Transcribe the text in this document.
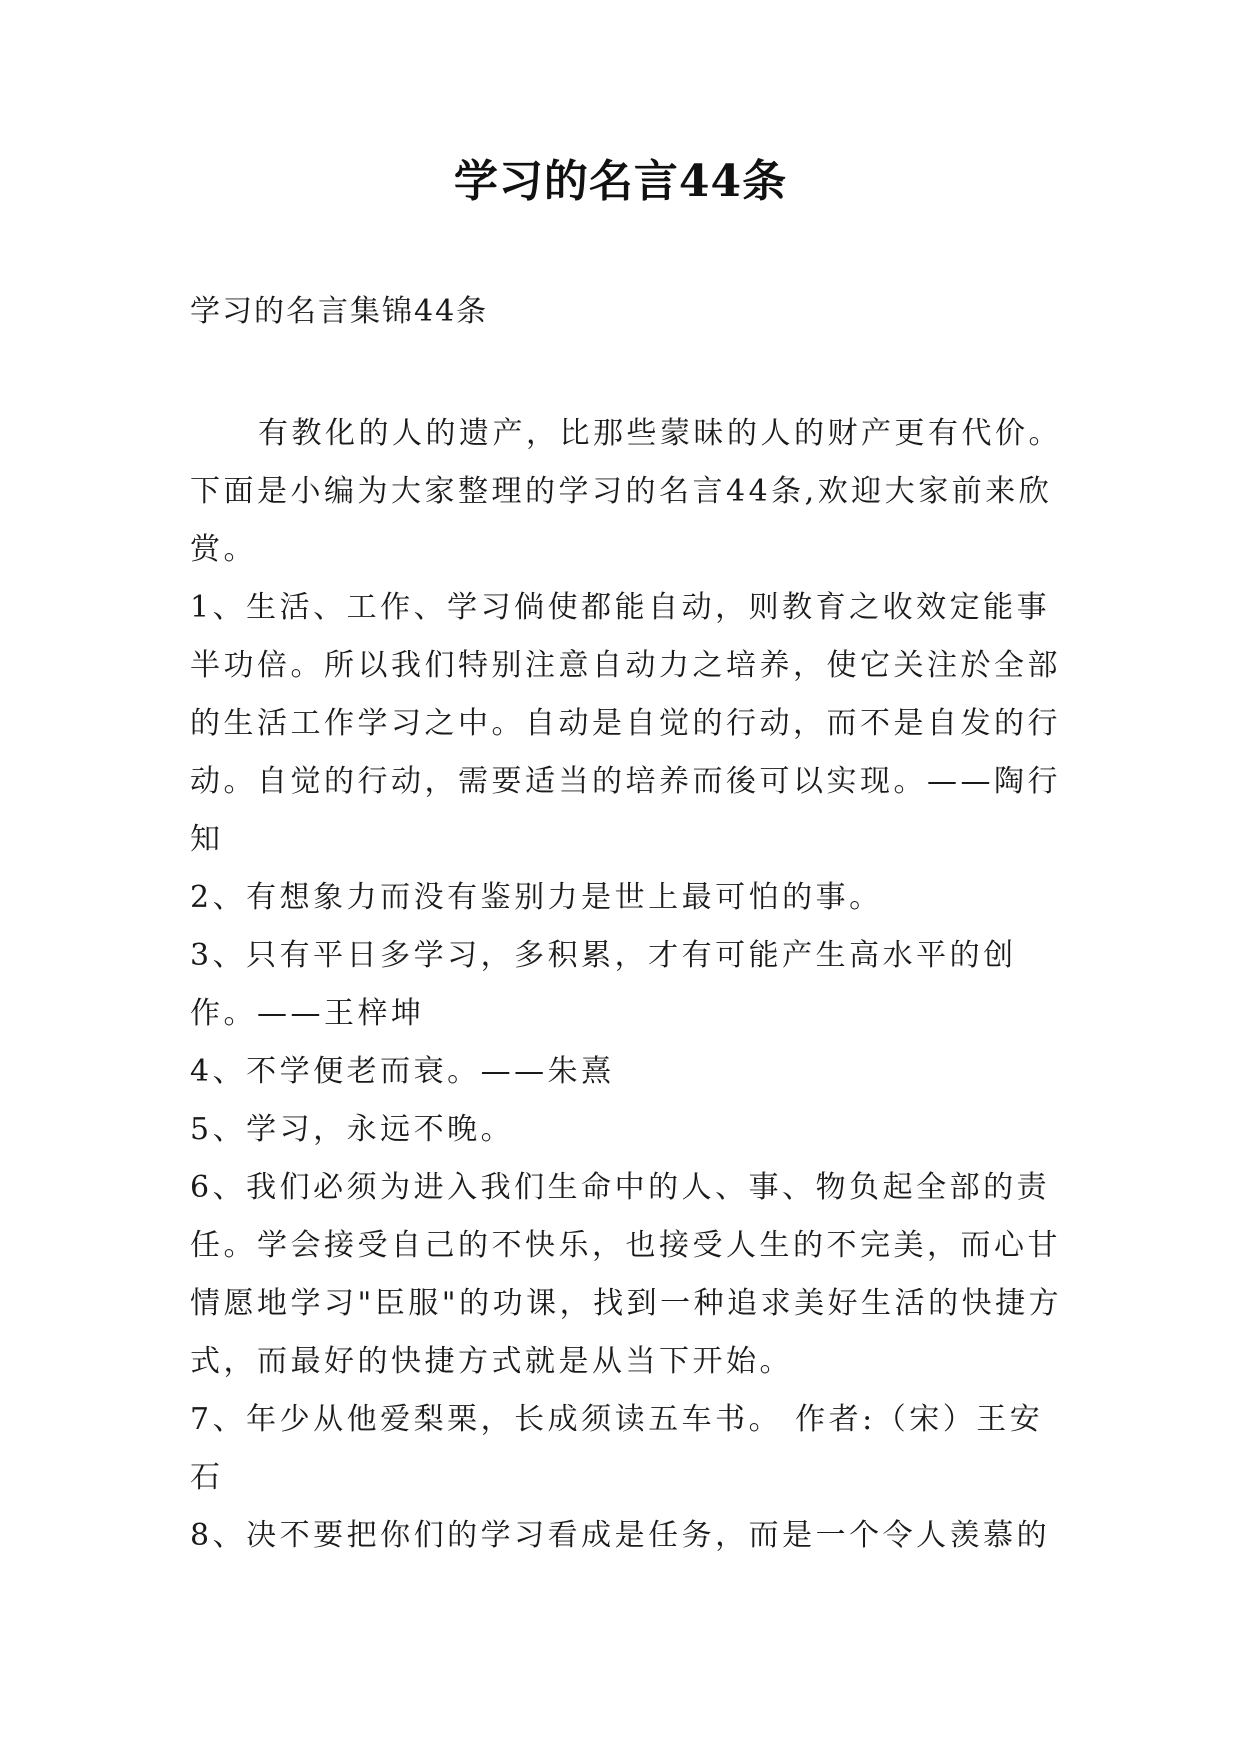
学习的名言44条
学习的名言集锦44条

有教化的人的遗产，比那些蒙昧的人的财产更有代价。下面是小编为大家整理的学习的名言44条,欢迎大家前来欣赏。

1、生活、工作、学习倘使都能自动，则教育之收效定能事半功倍。所以我们特别注意自动力之培养，使它关注於全部的生活工作学习之中。自动是自觉的行动，而不是自发的行动。自觉的行动，需要适当的培养而後可以实现。——陶行知

2、有想象力而没有鉴别力是世上最可怕的事。

3、只有平日多学习，多积累，才有可能产生高水平的创作。——王梓坤

4、不学便老而衰。——朱熹

5、学习，永远不晚。

6、我们必须为进入我们生命中的人、事、物负起全部的责任。学会接受自己的不快乐，也接受人生的不完美，而心甘情愿地学习"臣服"的功课，找到一种追求美好生活的快捷方式，而最好的快捷方式就是从当下开始。

7、年少从他爱梨栗，长成须读五车书。 作者:（宋）王安石

8、决不要把你们的学习看成是任务，而是一个令人羡慕的
